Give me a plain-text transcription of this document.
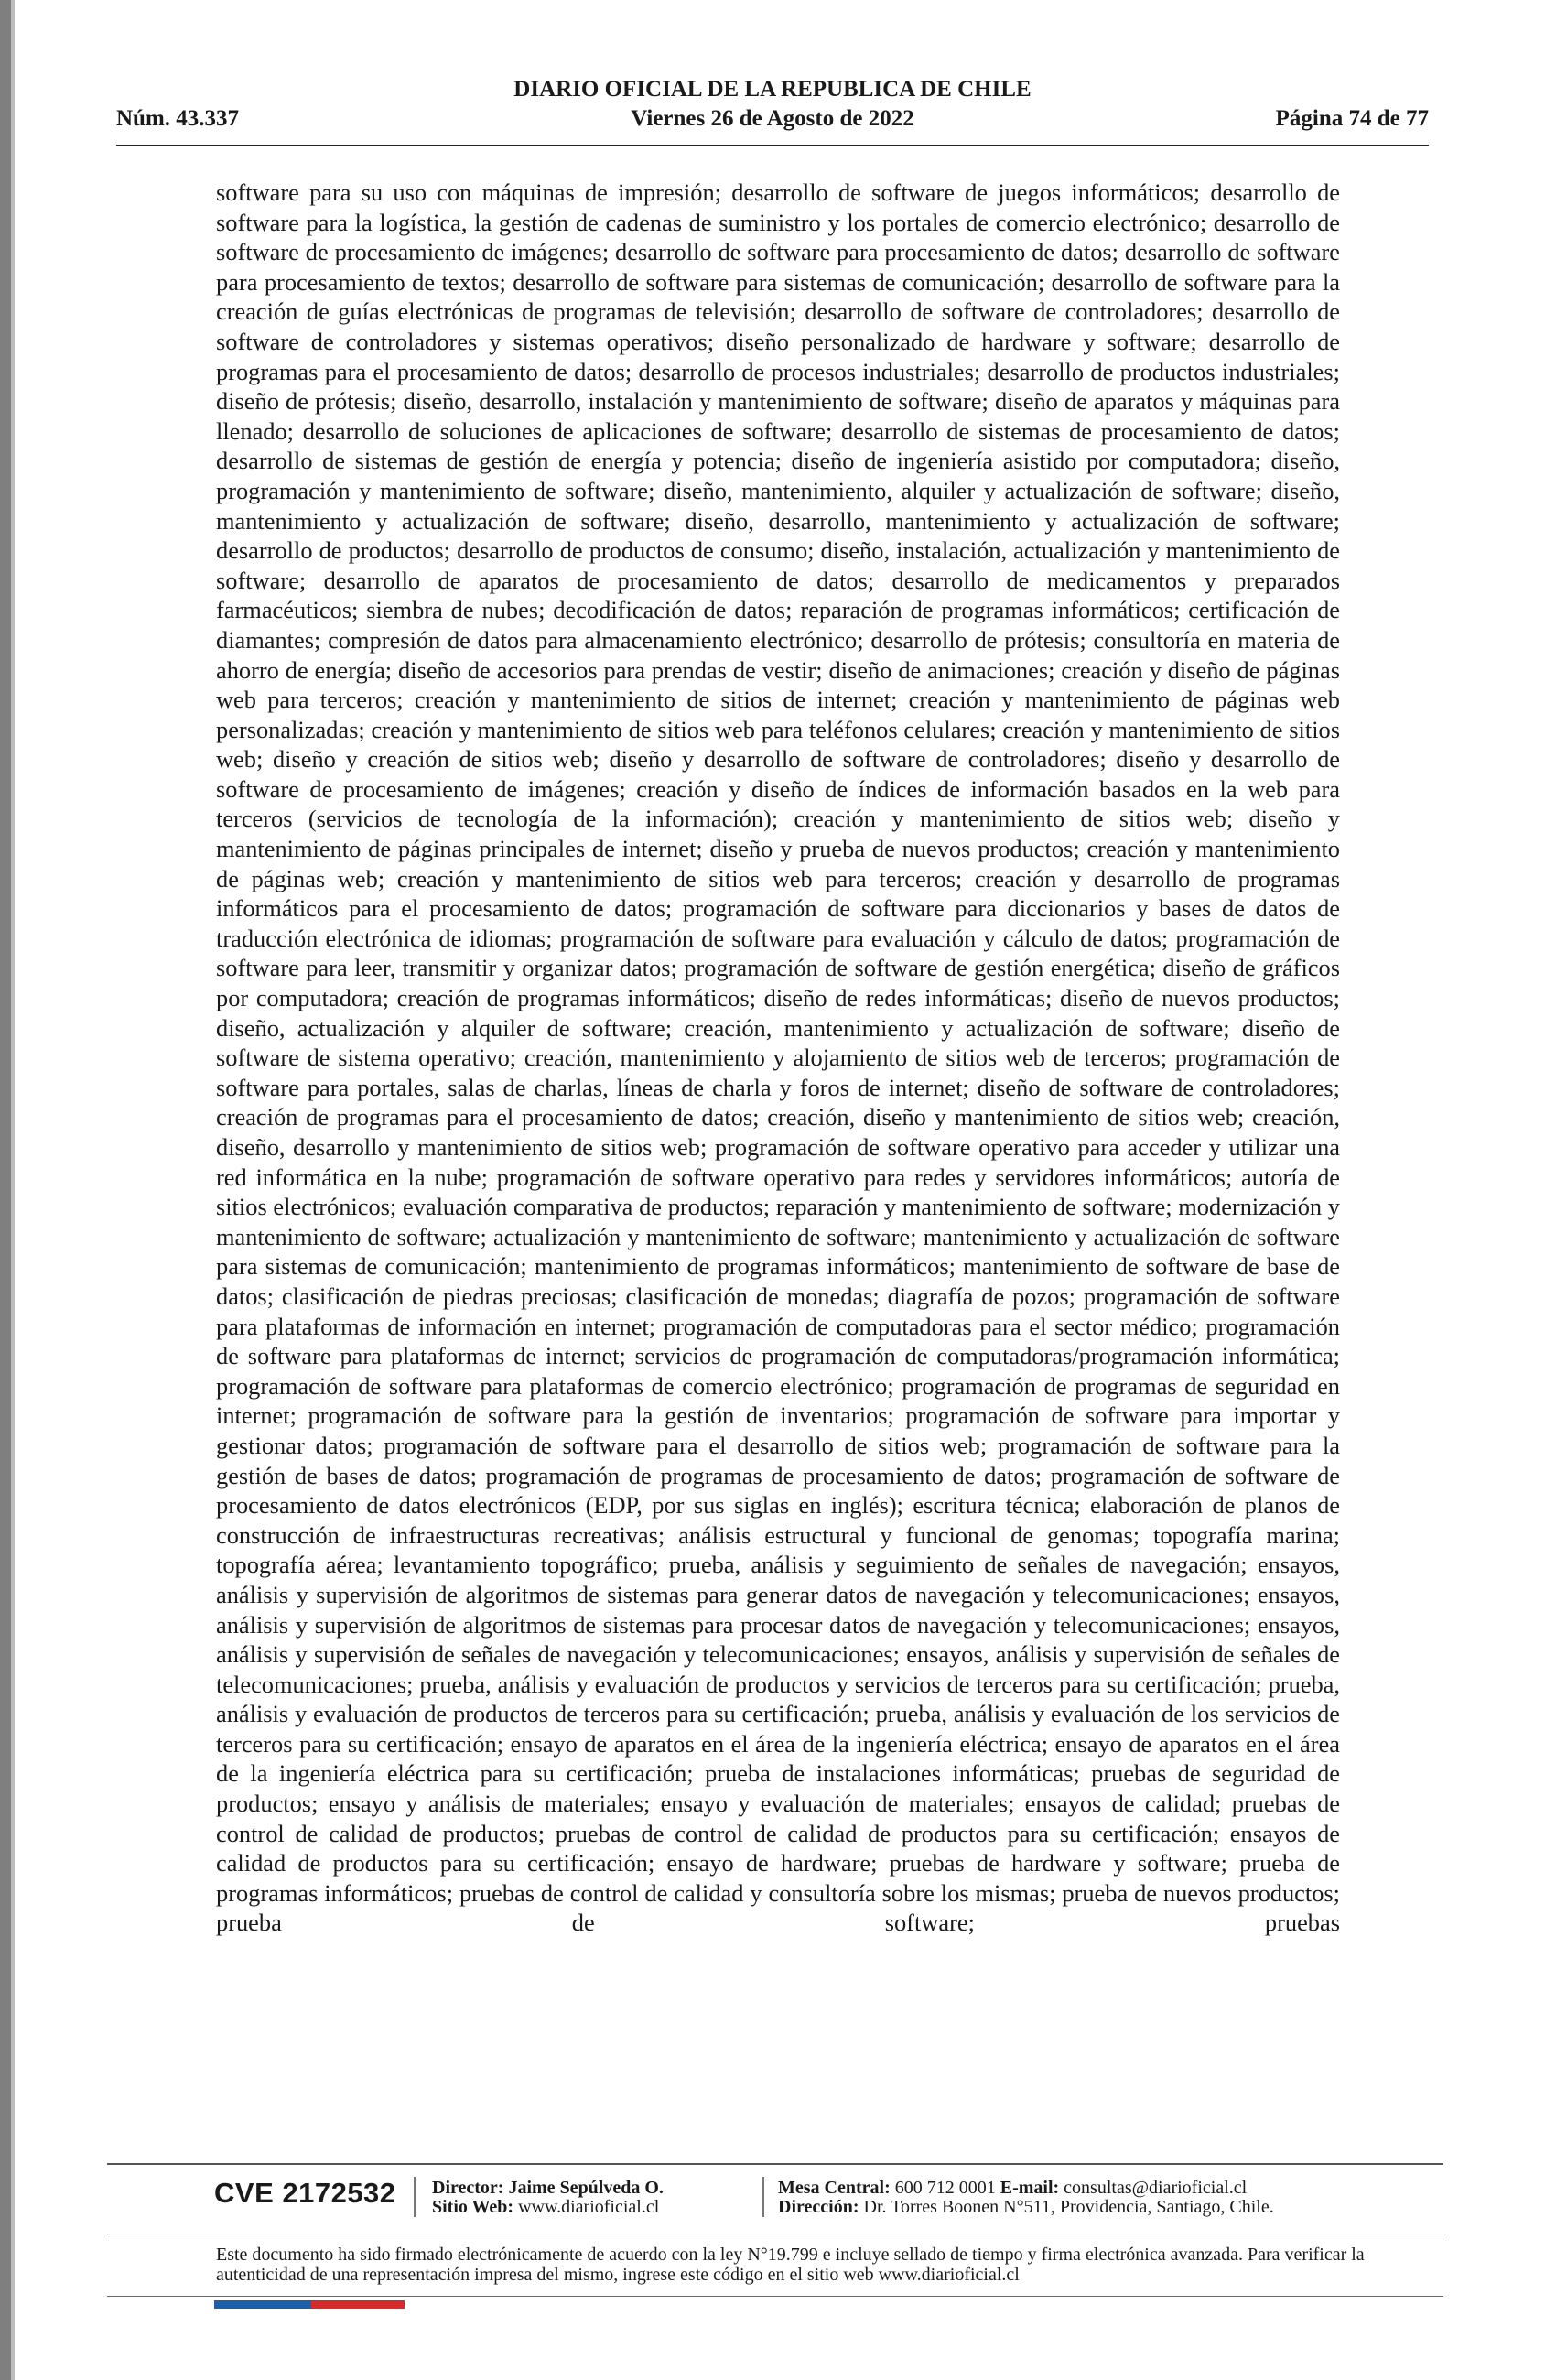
DIARIO OFICIAL DE LA REPUBLICA DE CHILE
Núm. 43.337	Viernes 26 de Agosto de 2022	Página 74 de 77
software para su uso con máquinas de impresión; desarrollo de software de juegos informáticos; desarrollo de software para la logística, la gestión de cadenas de suministro y los portales de comercio electrónico; desarrollo de software de procesamiento de imágenes; desarrollo de software para procesamiento de datos; desarrollo de software para procesamiento de textos; desarrollo de software para sistemas de comunicación; desarrollo de software para la creación de guías electrónicas de programas de televisión; desarrollo de software de controladores; desarrollo de software de controladores y sistemas operativos; diseño personalizado de hardware y software; desarrollo de programas para el procesamiento de datos; desarrollo de procesos industriales; desarrollo de productos industriales; diseño de prótesis; diseño, desarrollo, instalación y mantenimiento de software; diseño de aparatos y máquinas para llenado; desarrollo de soluciones de aplicaciones de software; desarrollo de sistemas de procesamiento de datos; desarrollo de sistemas de gestión de energía y potencia; diseño de ingeniería asistido por computadora; diseño, programación y mantenimiento de software; diseño, mantenimiento, alquiler y actualización de software; diseño, mantenimiento y actualización de software; diseño, desarrollo, mantenimiento y actualización de software; desarrollo de productos; desarrollo de productos de consumo; diseño, instalación, actualización y mantenimiento de software; desarrollo de aparatos de procesamiento de datos; desarrollo de medicamentos y preparados farmacéuticos; siembra de nubes; decodificación de datos; reparación de programas informáticos; certificación de diamantes; compresión de datos para almacenamiento electrónico; desarrollo de prótesis; consultoría en materia de ahorro de energía; diseño de accesorios para prendas de vestir; diseño de animaciones; creación y diseño de páginas web para terceros; creación y mantenimiento de sitios de internet; creación y mantenimiento de páginas web personalizadas; creación y mantenimiento de sitios web para teléfonos celulares; creación y mantenimiento de sitios web; diseño y creación de sitios web; diseño y desarrollo de software de controladores; diseño y desarrollo de software de procesamiento de imágenes; creación y diseño de índices de información basados en la web para terceros (servicios de tecnología de la información); creación y mantenimiento de sitios web; diseño y mantenimiento de páginas principales de internet; diseño y prueba de nuevos productos; creación y mantenimiento de páginas web; creación y mantenimiento de sitios web para terceros; creación y desarrollo de programas informáticos para el procesamiento de datos; programación de software para diccionarios y bases de datos de traducción electrónica de idiomas; programación de software para evaluación y cálculo de datos; programación de software para leer, transmitir y organizar datos; programación de software de gestión energética; diseño de gráficos por computadora; creación de programas informáticos; diseño de redes informáticas; diseño de nuevos productos; diseño, actualización y alquiler de software; creación, mantenimiento y actualización de software; diseño de software de sistema operativo; creación, mantenimiento y alojamiento de sitios web de terceros; programación de software para portales, salas de charlas, líneas de charla y foros de internet; diseño de software de controladores; creación de programas para el procesamiento de datos; creación, diseño y mantenimiento de sitios web; creación, diseño, desarrollo y mantenimiento de sitios web; programación de software operativo para acceder y utilizar una red informática en la nube; programación de software operativo para redes y servidores informáticos; autoría de sitios electrónicos; evaluación comparativa de productos; reparación y mantenimiento de software; modernización y mantenimiento de software; actualización y mantenimiento de software; mantenimiento y actualización de software para sistemas de comunicación; mantenimiento de programas informáticos; mantenimiento de software de base de datos; clasificación de piedras preciosas; clasificación de monedas; diagrafía de pozos; programación de software para plataformas de información en internet; programación de computadoras para el sector médico; programación de software para plataformas de internet; servicios de programación de computadoras/programación informática; programación de software para plataformas de comercio electrónico; programación de programas de seguridad en internet; programación de software para la gestión de inventarios; programación de software para importar y gestionar datos; programación de software para el desarrollo de sitios web; programación de software para la gestión de bases de datos; programación de programas de procesamiento de datos; programación de software de procesamiento de datos electrónicos (EDP, por sus siglas en inglés); escritura técnica; elaboración de planos de construcción de infraestructuras recreativas; análisis estructural y funcional de genomas; topografía marina; topografía aérea; levantamiento topográfico; prueba, análisis y seguimiento de señales de navegación; ensayos, análisis y supervisión de algoritmos de sistemas para generar datos de navegación y telecomunicaciones; ensayos, análisis y supervisión de algoritmos de sistemas para procesar datos de navegación y telecomunicaciones; ensayos, análisis y supervisión de señales de navegación y telecomunicaciones; ensayos, análisis y supervisión de señales de telecomunicaciones; prueba, análisis y evaluación de productos y servicios de terceros para su certificación; prueba, análisis y evaluación de productos de terceros para su certificación; prueba, análisis y evaluación de los servicios de terceros para su certificación; ensayo de aparatos en el área de la ingeniería eléctrica; ensayo de aparatos en el área de la ingeniería eléctrica para su certificación; prueba de instalaciones informáticas; pruebas de seguridad de productos; ensayo y análisis de materiales; ensayo y evaluación de materiales; ensayos de calidad; pruebas de control de calidad de productos; pruebas de control de calidad de productos para su certificación; ensayos de calidad de productos para su certificación; ensayo de hardware; pruebas de hardware y software; prueba de programas informáticos; pruebas de control de calidad y consultoría sobre los mismas; prueba de nuevos productos; prueba de software; pruebas
CVE 2172532 Director: Jaime Sepúlveda O.
Sitio Web: www.diarioficial.cl
Mesa Central: 600 712 0001 E-mail: consultas@diarioficial.cl
Dirección: Dr. Torres Boonen N°511, Providencia, Santiago, Chile.
Este documento ha sido firmado electrónicamente de acuerdo con la ley N°19.799 e incluye sellado de tiempo y firma electrónica avanzada. Para verificar la autenticidad de una representación impresa del mismo, ingrese este código en el sitio web www.diarioficial.cl
